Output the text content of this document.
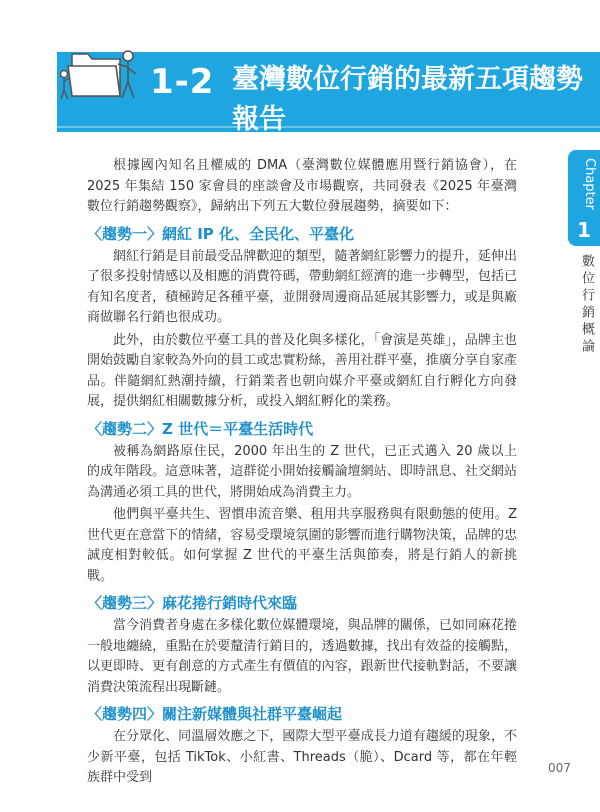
1-2 臺灣數位行銷的最新五項趨勢報告
Chapter
1
數位行銷概論

根據國內知名且權威的 DMA（臺灣數位媒體應用暨行銷協會），在 2025 年集結 150 家會員的座談會及市場觀察，共同發表《2025 年臺灣數位行銷趨勢觀察》，歸納出下列五大數位發展趨勢，摘要如下：

〈趨勢一〉網紅 IP 化、全民化、平臺化

網紅行銷是目前最受品牌歡迎的類型，隨著網紅影響力的提升，延伸出了很多投射情感以及相應的消費符碼，帶動網紅經濟的進一步轉型，包括已有知名度者，積極跨足各種平臺，並開發周邊商品延展其影響力，或是與廠商做聯名行銷也很成功。

此外，由於數位平臺工具的普及化與多樣化，「會演是英雄」，品牌主也開始鼓勵自家較為外向的員工或忠實粉絲，善用社群平臺，推廣分享自家產品。伴隨網紅熱潮持續，行銷業者也朝向媒介平臺或網紅自行孵化方向發展，提供網紅相關數據分析，或投入網紅孵化的業務。

〈趨勢二〉Z 世代＝平臺生活時代

被稱為網路原住民，2000 年出生的 Z 世代，已正式邁入 20 歲以上的成年階段。這意味著，這群從小開始接觸論壇網站、即時訊息、社交網站為溝通必須工具的世代，將開始成為消費主力。

他們與平臺共生、習慣串流音樂、租用共享服務與有限動態的使用。Z 世代更在意當下的情緒，容易受環境氛圍的影響而進行購物決策，品牌的忠誠度相對較低。如何掌握 Z 世代的平臺生活與節奏，將是行銷人的新挑戰。

〈趨勢三〉麻花捲行銷時代來臨

當今消費者身處在多樣化數位媒體環境，與品牌的關係，已如同麻花捲一般地纏繞，重點在於要釐清行銷目的，透過數據，找出有效益的接觸點，以更即時、更有創意的方式產生有價值的內容，跟新世代接軌對話，不要讓消費決策流程出現斷鏈。

〈趨勢四〉關注新媒體與社群平臺崛起

在分眾化、同溫層效應之下，國際大型平臺成長力道有趨緩的現象，不少新平臺，包括 TikTok、小紅書、Threads（脆）、Dcard 等，都在年輕族群中受到

007
